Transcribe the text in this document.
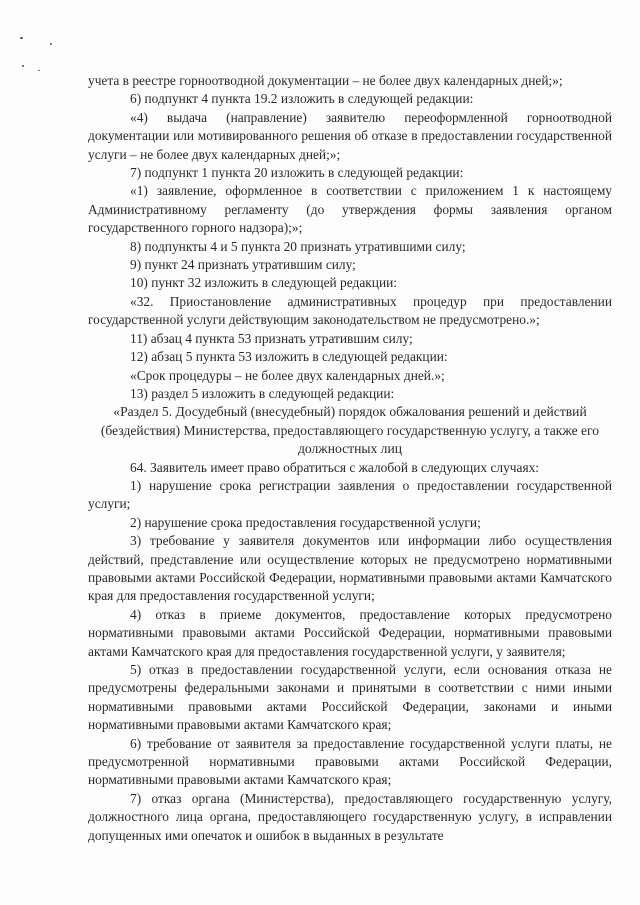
учета в реестре горноотводной документации – не более двух календарных дней;»;

6) подпункт 4 пункта 19.2 изложить в следующей редакции:

«4) выдача (направление) заявителю переоформленной горноотводной документации или мотивированного решения об отказе в предоставлении государственной услуги – не более двух календарных дней;»;

7) подпункт 1 пункта 20 изложить в следующей редакции:

«1) заявление, оформленное в соответствии с приложением 1 к настоящему Административному регламенту (до утверждения формы заявления органом государственного горного надзора);»;

8) подпункты 4 и 5 пункта 20 признать утратившими силу;

9) пункт 24 признать утратившим силу;

10) пункт 32 изложить в следующей редакции:

«32. Приостановление административных процедур при предоставлении государственной услуги действующим законодательством не предусмотрено.»;

11) абзац 4 пункта 53 признать утратившим силу;

12) абзац 5 пункта 53 изложить в следующей редакции:

«Срок процедуры – не более двух календарных дней.»;

13) раздел 5 изложить в следующей редакции:

«Раздел 5. Досудебный (внесудебный) порядок обжалования решений и действий (бездействия) Министерства, предоставляющего государственную услугу, а также его должностных лиц

64. Заявитель имеет право обратиться с жалобой в следующих случаях:

1) нарушение срока регистрации заявления о предоставлении государственной услуги;

2) нарушение срока предоставления государственной услуги;

3) требование у заявителя документов или информации либо осуществления действий, представление или осуществление которых не предусмотрено нормативными правовыми актами Российской Федерации, нормативными правовыми актами Камчатского края для предоставления государственной услуги;

4) отказ в приеме документов, предоставление которых предусмотрено нормативными правовыми актами Российской Федерации, нормативными правовыми актами Камчатского края для предоставления государственной услуги, у заявителя;

5) отказ в предоставлении государственной услуги, если основания отказа не предусмотрены федеральными законами и принятыми в соответствии с ними иными нормативными правовыми актами Российской Федерации, законами и иными нормативными правовыми актами Камчатского края;

6) требование от заявителя за предоставление государственной услуги платы, не предусмотренной нормативными правовыми актами Российской Федерации, нормативными правовыми актами Камчатского края;

7) отказ органа (Министерства), предоставляющего государственную услугу, должностного лица органа, предоставляющего государственную услугу, в исправлении допущенных ими опечаток и ошибок в выданных в результате
